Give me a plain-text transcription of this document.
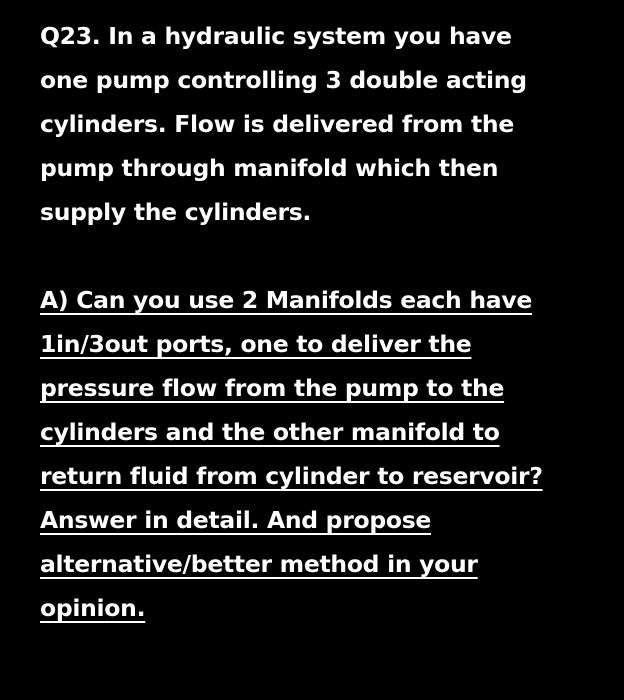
Q23. In a hydraulic system you have
one pump controlling 3 double acting
cylinders. Flow is delivered from the
pump through manifold which then
supply the cylinders.

A) Can you use 2 Manifolds each have
1in/3out ports, one to deliver the
pressure flow from the pump to the
cylinders and the other manifold to
return fluid from cylinder to reservoir?
Answer in detail. And propose
alternative/better method in your
opinion.
